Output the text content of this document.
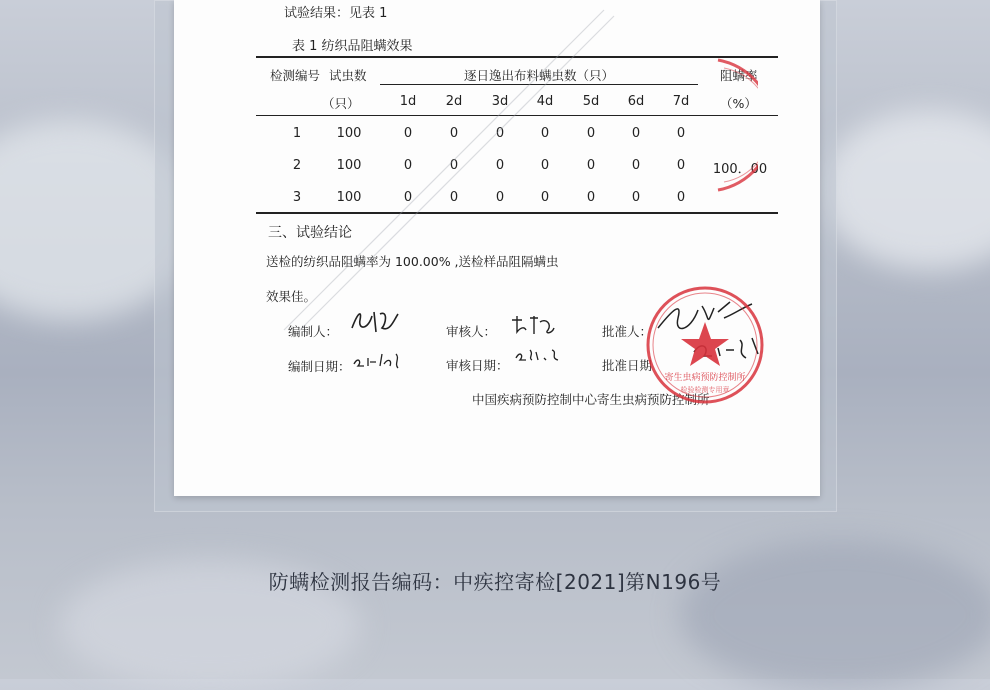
试验结果：见表 1
表 1 纺织品阻螨效果
检测编号 试虫数	逐日逸出布料螨虫数（只）	阻螨率
（只）	（%）
1d	2d	3d	4d	5d	6d	7d
1	100	0	0	0	0	0	0	0
2	100	0	0	0	0	0	0	0	100．00
3	100	0	0	0	0	0	0	0
三、试验结论
送检的纺织品阻螨率为 100.00% ,送检样品阻隔螨虫
效果佳。
编制人：	审核人：	批准人：
编制日期：	审核日期：	批准日期
中国疾病预防控制中心寄生虫病预防控制所
寄生虫病预防控制所
检验检测专用章
防螨检测报告编码：中疾控寄检[2021]第N196号
